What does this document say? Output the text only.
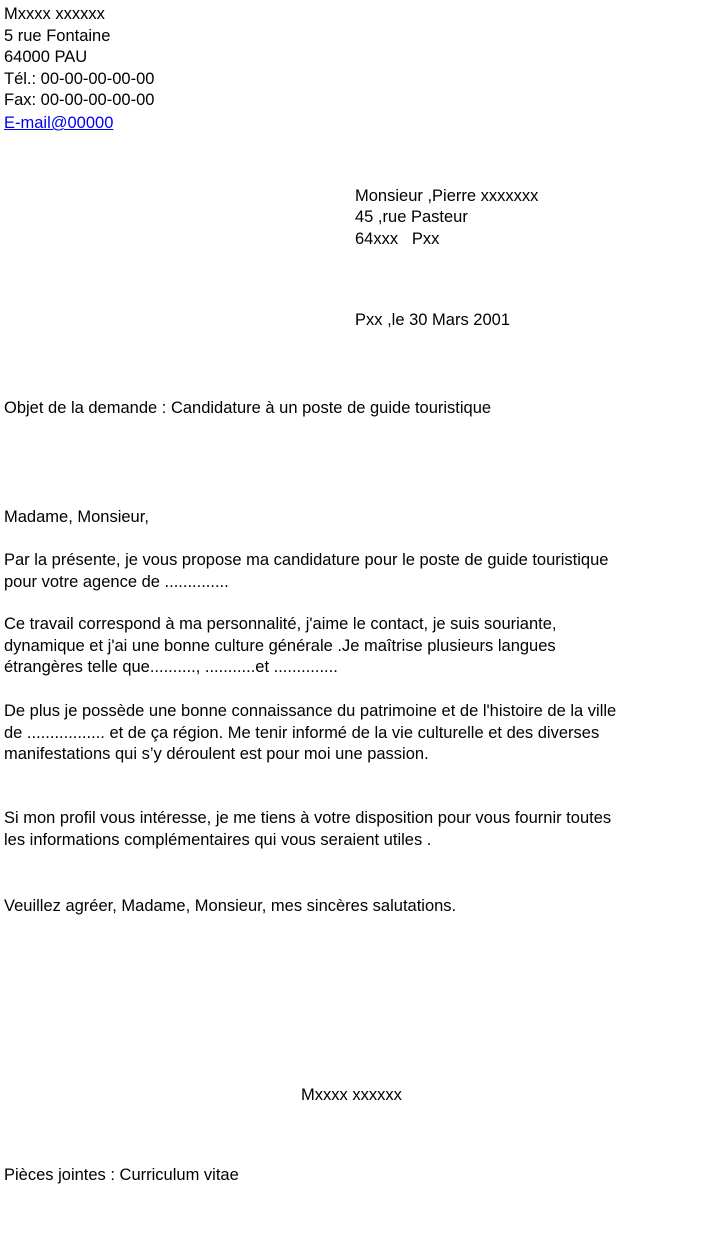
Mxxxx xxxxxx
5 rue Fontaine
64000 PAU
Tél.: 00-00-00-00-00
Fax: 00-00-00-00-00
E-mail@00000
Monsieur ,Pierre xxxxxxx
45 ,rue Pasteur
64xxx   Pxx
Pxx ,le 30 Mars 2001
Objet de la demande : Candidature à un poste de guide touristique
Madame, Monsieur,
Par la présente, je vous propose ma candidature pour le poste de guide touristique
pour votre agence de ..............
Ce travail correspond à ma personnalité, j'aime le contact, je suis souriante,
dynamique et j'ai une bonne culture générale .Je maîtrise plusieurs langues
étrangères telle que.........., ...........et ..............
De plus je possède une bonne connaissance du patrimoine et de l'histoire de la ville
de ................. et de ça région. Me tenir informé de la vie culturelle et des diverses
manifestations qui s’y déroulent est pour moi une passion.
Si mon profil vous intéresse, je me tiens à votre disposition pour vous fournir toutes
les informations complémentaires qui vous seraient utiles .
Veuillez agréer, Madame, Monsieur, mes sincères salutations.
Mxxxx xxxxxx
Pièces jointes : Curriculum vitae
